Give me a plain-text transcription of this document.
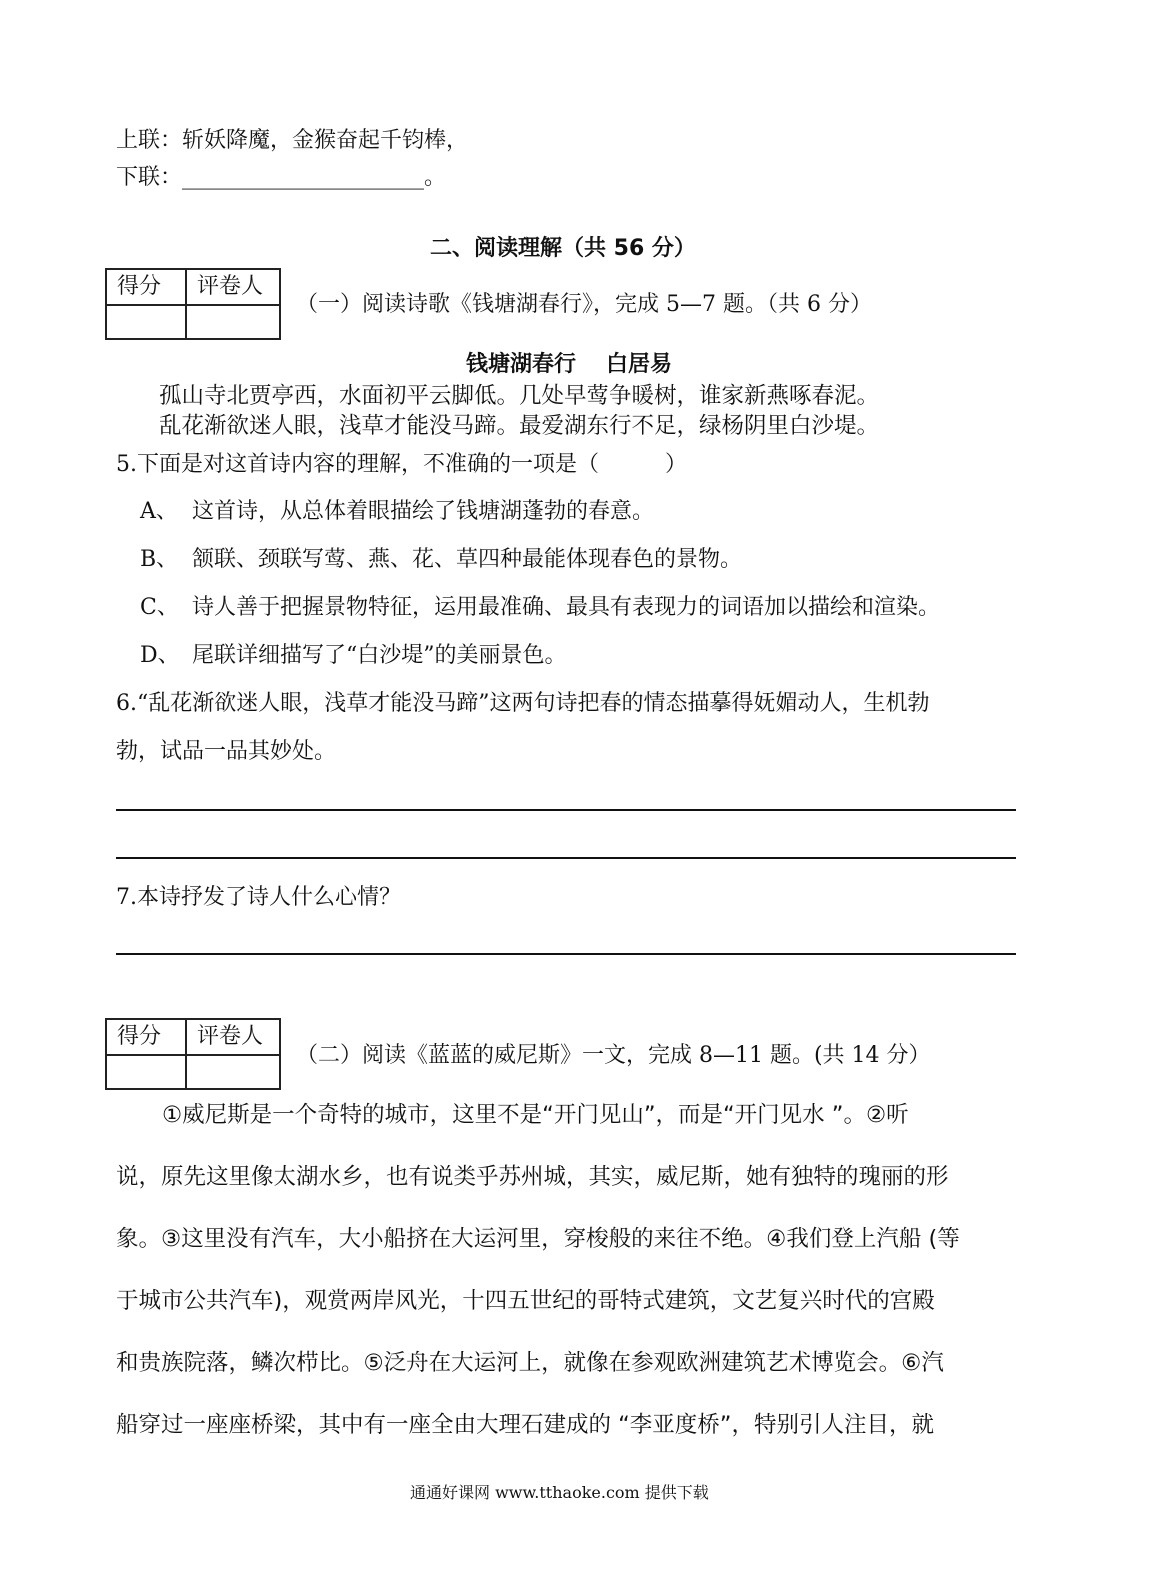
上联：斩妖降魔，金猴奋起千钧棒，
下联：______________________。
二、阅读理解（共 56 分）
得分 评卷人
（一）阅读诗歌《钱塘湖春行》，完成 5—7 题。（共 6 分）
钱塘湖春行 白居易
孤山寺北贾亭西，水面初平云脚低。几处早莺争暖树，谁家新燕啄春泥。
乱花渐欲迷人眼，浅草才能没马蹄。最爱湖东行不足，绿杨阴里白沙堤。
5.下面是对这首诗内容的理解，不准确的一项是（　　　）
A、 这首诗，从总体着眼描绘了钱塘湖蓬勃的春意。
B、 颔联、颈联写莺、燕、花、草四种最能体现春色的景物。
C、 诗人善于把握景物特征，运用最准确、最具有表现力的词语加以描绘和渲染。
D、 尾联详细描写了“白沙堤”的美丽景色。
6.“乱花渐欲迷人眼，浅草才能没马蹄”这两句诗把春的情态描摹得妩媚动人，生机勃
勃，试品一品其妙处。
7.本诗抒发了诗人什么心情？
得分 评卷人
（二）阅读《蓝蓝的威尼斯》一文，完成 8—11 题。(共 14 分）
①威尼斯是一个奇特的城市，这里不是“开门见山”，而是“开门见水 ”。②听
说，原先这里像太湖水乡，也有说类乎苏州城，其实，威尼斯，她有独特的瑰丽的形
象。③这里没有汽车，大小船挤在大运河里，穿梭般的来往不绝。④我们登上汽船 (等
于城市公共汽车)，观赏两岸风光，十四五世纪的哥特式建筑，文艺复兴时代的宫殿
和贵族院落，鳞次栉比。⑤泛舟在大运河上，就像在参观欧洲建筑艺术博览会。⑥汽
船穿过一座座桥梁，其中有一座全由大理石建成的 “李亚度桥”，特别引人注目，就
通通好课网 www.tthaoke.com 提供下载
